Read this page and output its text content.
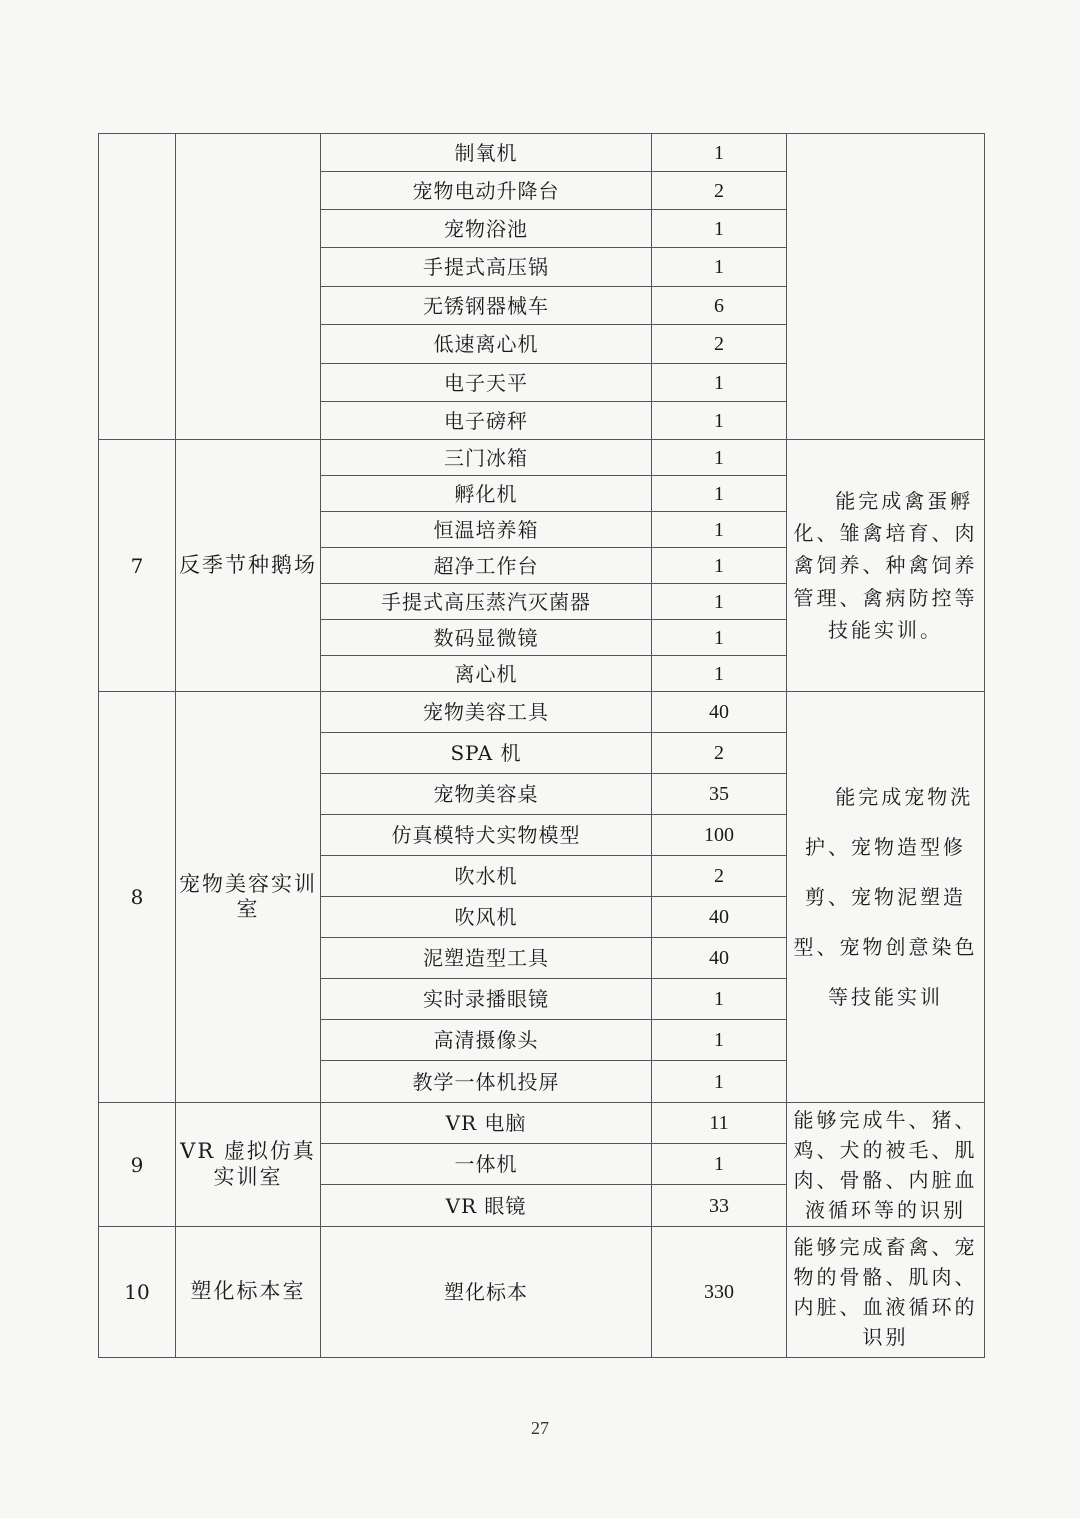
		制氧机	1	
		宠物电动升降台	2	
		宠物浴池	1	
		手提式高压锅	1	
		无锈钢器械车	6	
		低速离心机	2	
		电子天平	1	
		电子磅秤	1	
7	反季节种鹅场	三门冰箱	1	能完成禽蛋孵化、雏禽培育、肉禽饲养、种禽饲养管理、禽病防控等技能实训。
		孵化机	1	
		恒温培养箱	1	
		超净工作台	1	
		手提式高压蒸汽灭菌器	1	
		数码显微镜	1	
		离心机	1	
8	宠物美容实训室	宠物美容工具	40	能完成宠物洗护、宠物造型修剪、宠物泥塑造型、宠物创意染色等技能实训
		SPA 机	2	
		宠物美容桌	35	
		仿真模特犬实物模型	100	
		吹水机	2	
		吹风机	40	
		泥塑造型工具	40	
		实时录播眼镜	1	
		高清摄像头	1	
		教学一体机投屏	1	
9	VR 虚拟仿真实训室	VR 电脑	11	能够完成牛、猪、鸡、犬的被毛、肌肉、骨骼、内脏血液循环等的识别
		一体机	1	
		VR 眼镜	33	
10	塑化标本室	塑化标本	330	能够完成畜禽、宠物的骨骼、肌肉、内脏、血液循环的识别
27
